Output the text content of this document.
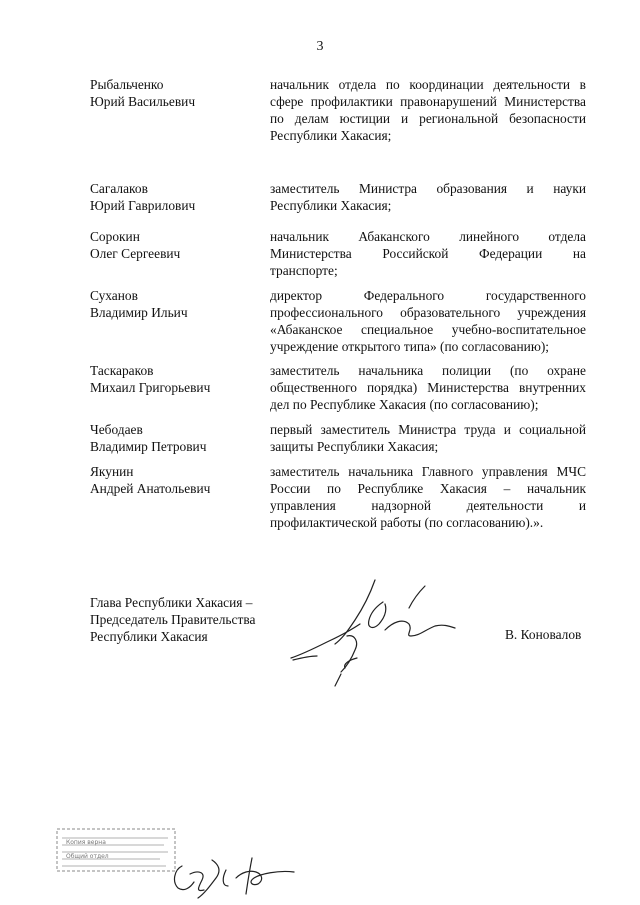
3
Рыбальченко
Юрий Васильевич
начальник отдела по координации деятельности в
сфере профилактики правонарушений Министерства
по делам юстиции и региональной безопасности
Республики Хакасия;
Сагалаков
Юрий Гаврилович
заместитель Министра образования и науки
Республики Хакасия;
Сорокин
Олег Сергеевич
начальник Абаканского линейного отдела
Министерства Российской Федерации на
транспорте;
Суханов
Владимир Ильич
директор Федерального государственного
профессионального образовательного учреждения
«Абаканское специальное учебно-воспитательное
учреждение открытого типа» (по согласованию);
Таскараков
Михаил Григорьевич
заместитель начальника полиции (по охране
общественного порядка) Министерства внутренних
дел по Республике Хакасия (по согласованию);
Чебодаев
Владимир Петрович
первый заместитель Министра труда и социальной
защиты Республики Хакасия;
Якунин
Андрей Анатольевич
заместитель начальника Главного управления МЧС
России по Республике Хакасия – начальник
управления надзорной деятельности и
профилактической работы (по согласованию).».
Глава Республики Хакасия –
Председатель Правительства
Республики Хакасия	В. Коновалов
Копия верна
Общий отдел
